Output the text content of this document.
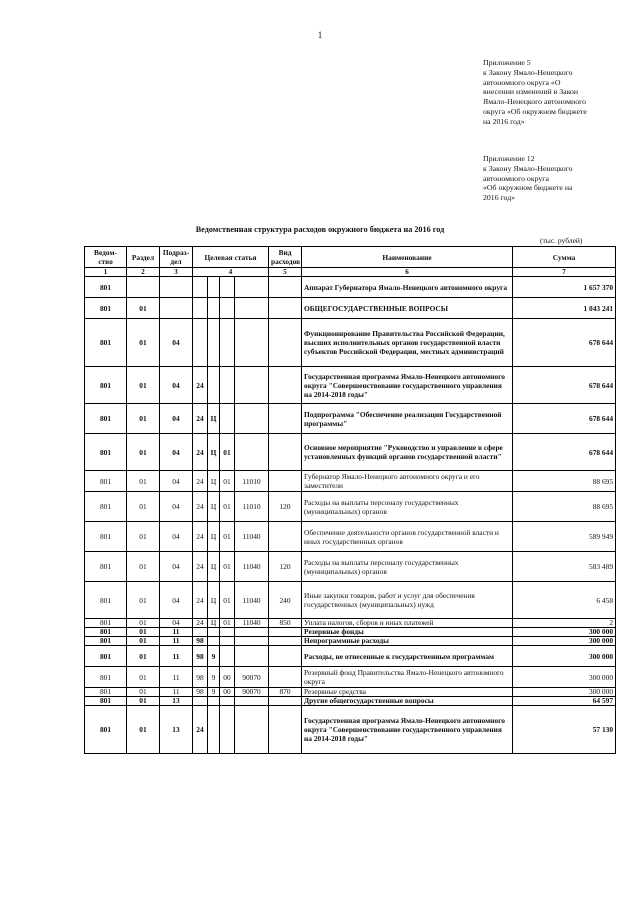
1
Приложение 5
к Закону Ямало-Ненецкого
автономного округа «О
внесении изменений в Закон
Ямало-Ненецкого автономного
округа «Об окружном бюджете
на 2016 год»
Приложение 12
к Закону Ямало-Ненецкого
автономного округа
«Об окружном бюджете на
2016 год»
Ведомственная структура расходов окружного бюджета на 2016 год
(тыс. рублей)
Ведом-ство	Раздел	Подраз-дел	Целевая статья				Вид расходов	Наименование	Сумма
1	2	3	4				5	6	7
801								Аппарат Губернатора Ямало-Ненецкого автономного округа	1 657 370
801	01							ОБЩЕГОСУДАРСТВЕННЫЕ ВОПРОСЫ	1 043 241
801	01	04						Функционирование Правительства Российской Федерации, высших исполнительных органов государственной власти субъектов Российской Федерации, местных администраций	678 644
801	01	04	24					Государственная программа Ямало-Ненецкого автономного округа "Совершенствование государственного управления на 2014-2018 годы"	678 644
801	01	04	24	Ц				Подпрограмма "Обеспечение реализации Государственной программы"	678 644
801	01	04	24	Ц	01			Основное мероприятие "Руководство и управление в сфере установленных функций органов государственной власти"	678 644
801	01	04	24	Ц	01	11010		Губернатор Ямало-Ненецкого автономного округа и его заместители	88 695
801	01	04	24	Ц	01	11010	120	Расходы на выплаты персоналу государственных (муниципальных) органов	88 695
801	01	04	24	Ц	01	11040		Обеспечение деятельности органов государственной власти и иных государственных органов	589 949
801	01	04	24	Ц	01	11040	120	Расходы на выплаты персоналу государственных (муниципальных) органов	583 489
801	01	04	24	Ц	01	11040	240	Иные закупки товаров, работ и услуг для обеспечения государственных (муниципальных) нужд	6 458
801	01	04	24	Ц	01	11040	850	Уплата налогов, сборов и иных платежей	2
801	01	11						Резервные фонды	300 000
801	01	11	98					Непрограммные расходы	300 000
801	01	11	98	9				Расходы, не отнесенные к государственным программам	300 000
801	01	11	98	9	00	90070		Резервный фонд Правительства Ямало-Ненецкого автономного округа	300 000
801	01	11	98	9	00	90070	870	Резервные средства	300 000
801	01	13						Другие общегосударственные вопросы	64 597
801	01	13	24					Государственная программа Ямало-Ненецкого автономного округа "Совершенствование государственного управления на 2014-2018 годы"	57 130
